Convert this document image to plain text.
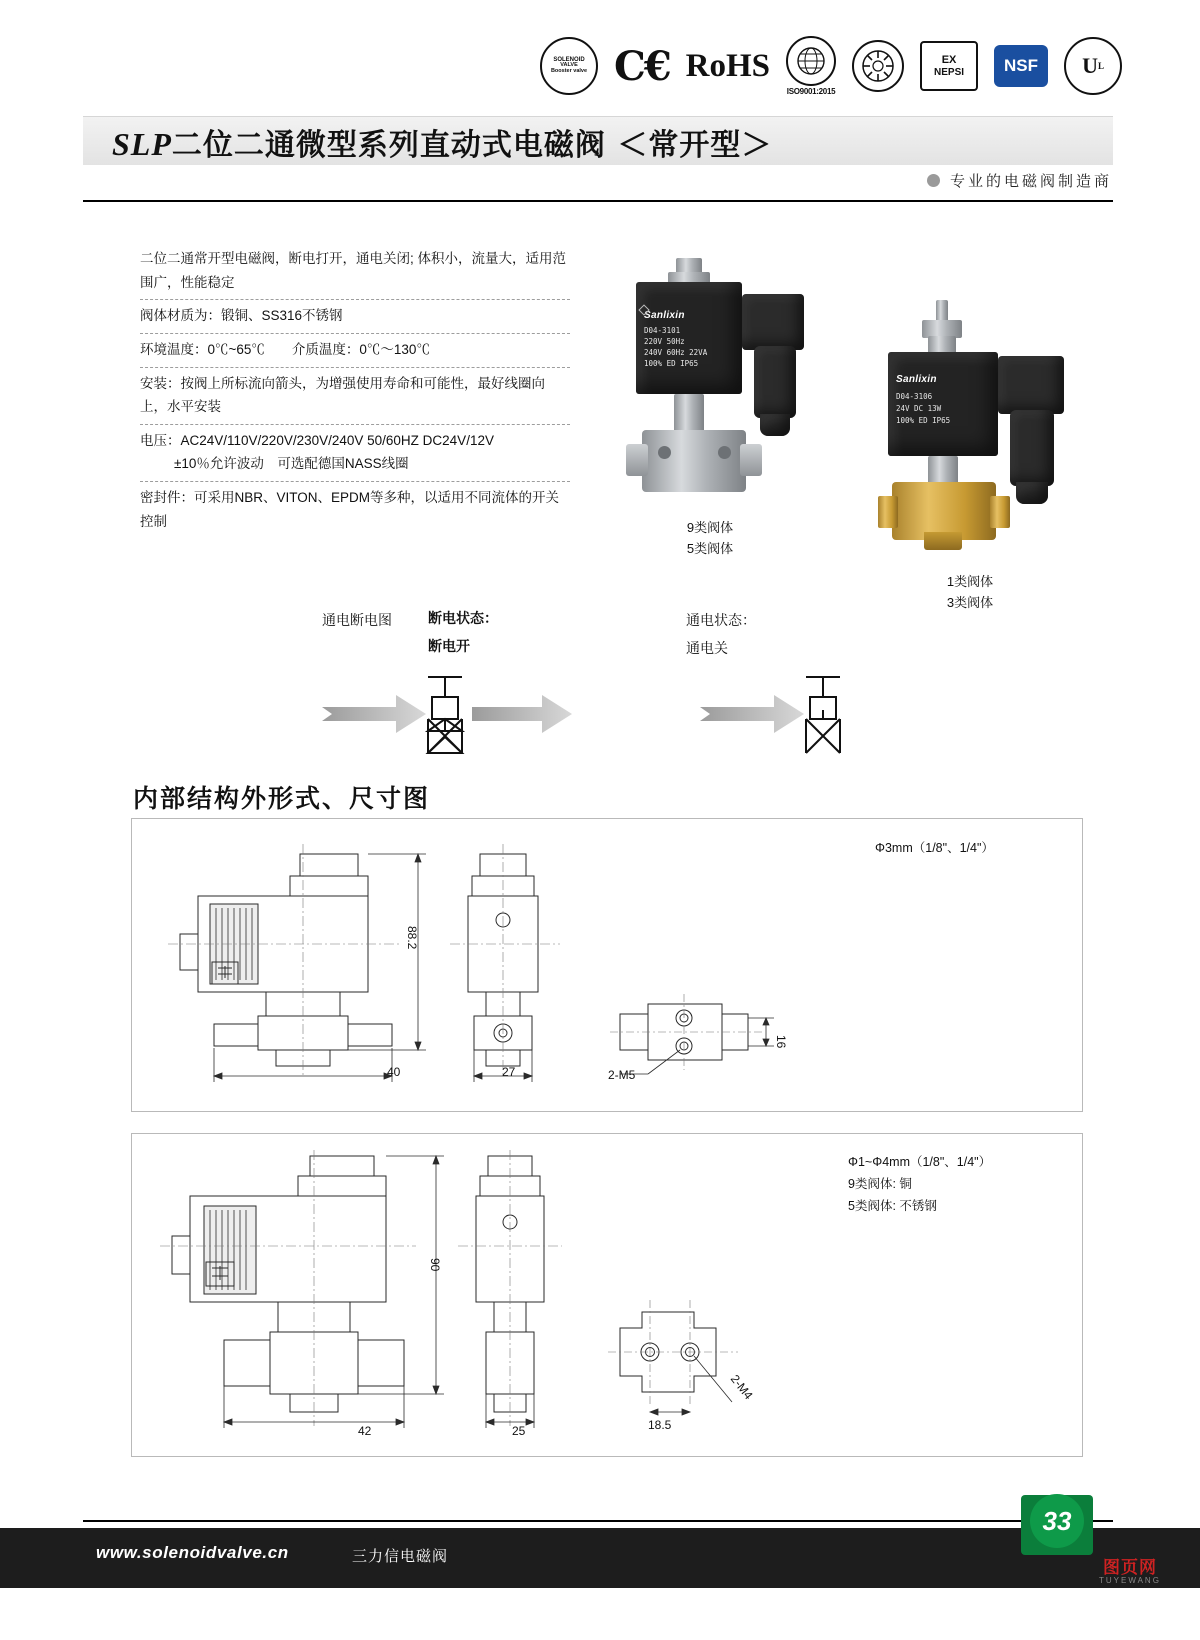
SOLENOID
VALVE
Booster valve C€ RoHS
ISO9001:2015
EX
NEPSI	NSF	U L
SLP二位二通微型系列直动式电磁阀 ＜常开型＞
专业的电磁阀制造商
二位二通常开型电磁阀，断电打开，通电关闭; 体积小，流量大，适用范围广，性能稳定
阀体材质为：锻铜、SS316不锈钢
环境温度：0℃~65℃　　介质温度：0℃～130℃
安装：按阀上所标流向箭头，为增强使用寿命和可能性，最好线圈向上，水平安装
电压：AC24V/110V/220V/230V/240V 50/60HZ DC24V/12V
±10％允许波动　可选配德国NASS线圈
密封件：可采用NBR、VITON、EPDM等多种，以适用不同流体的开关控制
Sanlixin
D04-3101
220V 50Hz
240V 60Hz 22VA
100% ED IP65
9类阀体
5类阀体
Sanlixin
D04-3106
24V DC 13W
100% ED IP65
1类阀体
3类阀体
通电断电图	断电状态：
断电开
通电状态：
通电关
内部结构外形式、尺寸图
Φ3mm（1/8"、1/4"）
40	27
88.2
16
2-M5
Φ1~Φ4mm（1/8"、1/4"）
9类阀体: 铜
5类阀体: 不锈钢
42	25
90
18.5
2-M4
www.solenoidvalve.cn	三力信电磁阀
33
图页网
TUYEWANG
